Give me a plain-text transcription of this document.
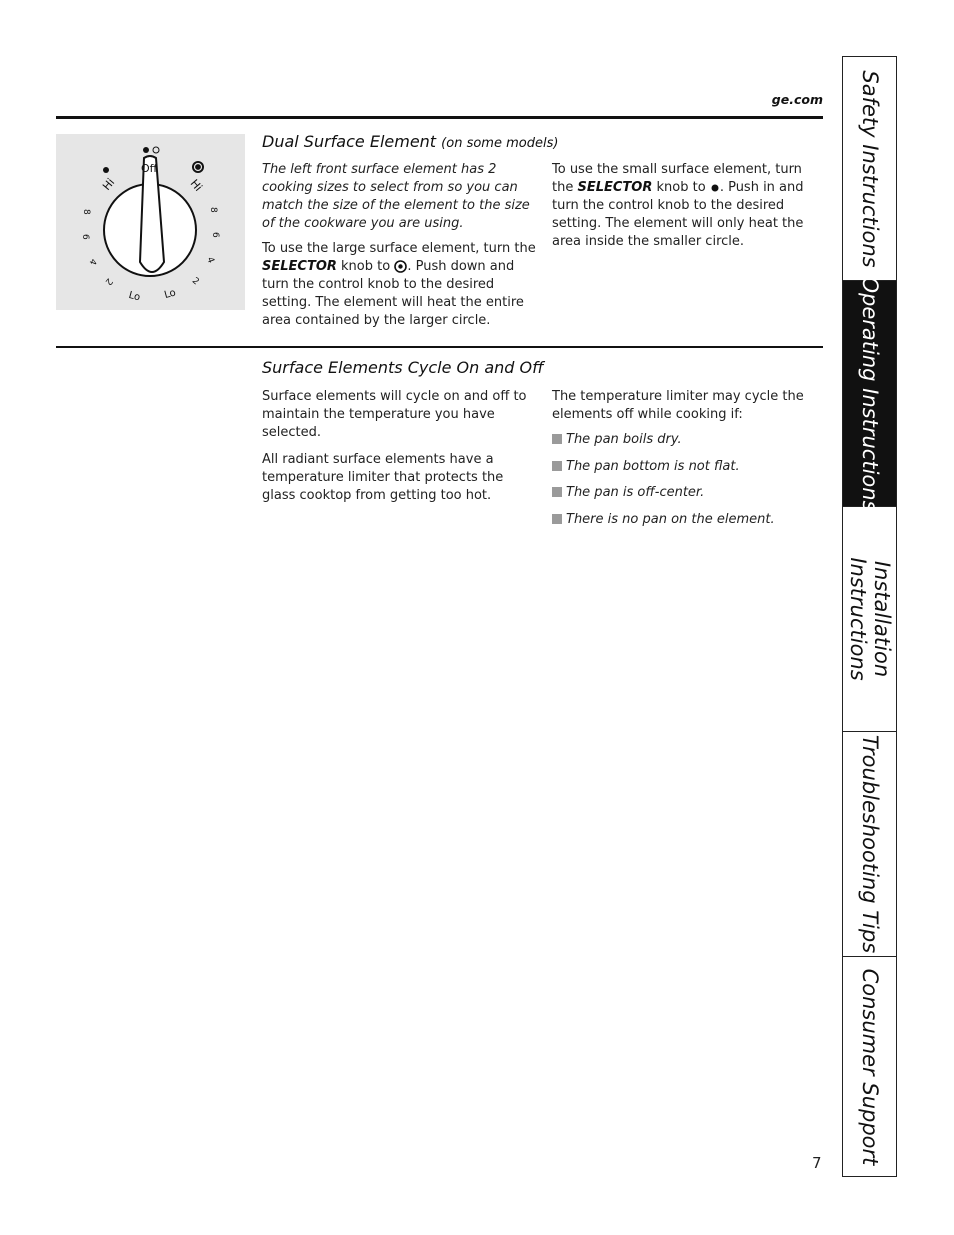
ge.com
Off
Hi	Hi
8
6
4
2
Lo
8
6
4
2
Lo
Dual Surface Element (on some models)

The left front surface element has 2 cooking sizes to select from so you can match the size of the element to the size of the cookware you are using.

To use the large surface element, turn the SELECTOR knob to . Push down and turn the control knob to the desired setting. The element will heat the entire area contained by the larger circle.

To use the small surface element, turn the SELECTOR knob to . Push in and turn the control knob to the desired setting. The element will only heat the area inside the smaller circle.

Surface Elements Cycle On and Off

Surface elements will cycle on and off to maintain the temperature you have selected.

All radiant surface elements have a temperature limiter that protects the glass cooktop from getting too hot.

The temperature limiter may cycle the elements off while cooking if:

The pan boils dry.
The pan bottom is not flat.
The pan is off-center.
There is no pan on the element.
Safety Instructions
Operating Instructions
Installation Instructions
Troubleshooting Tips
Consumer Support
7
